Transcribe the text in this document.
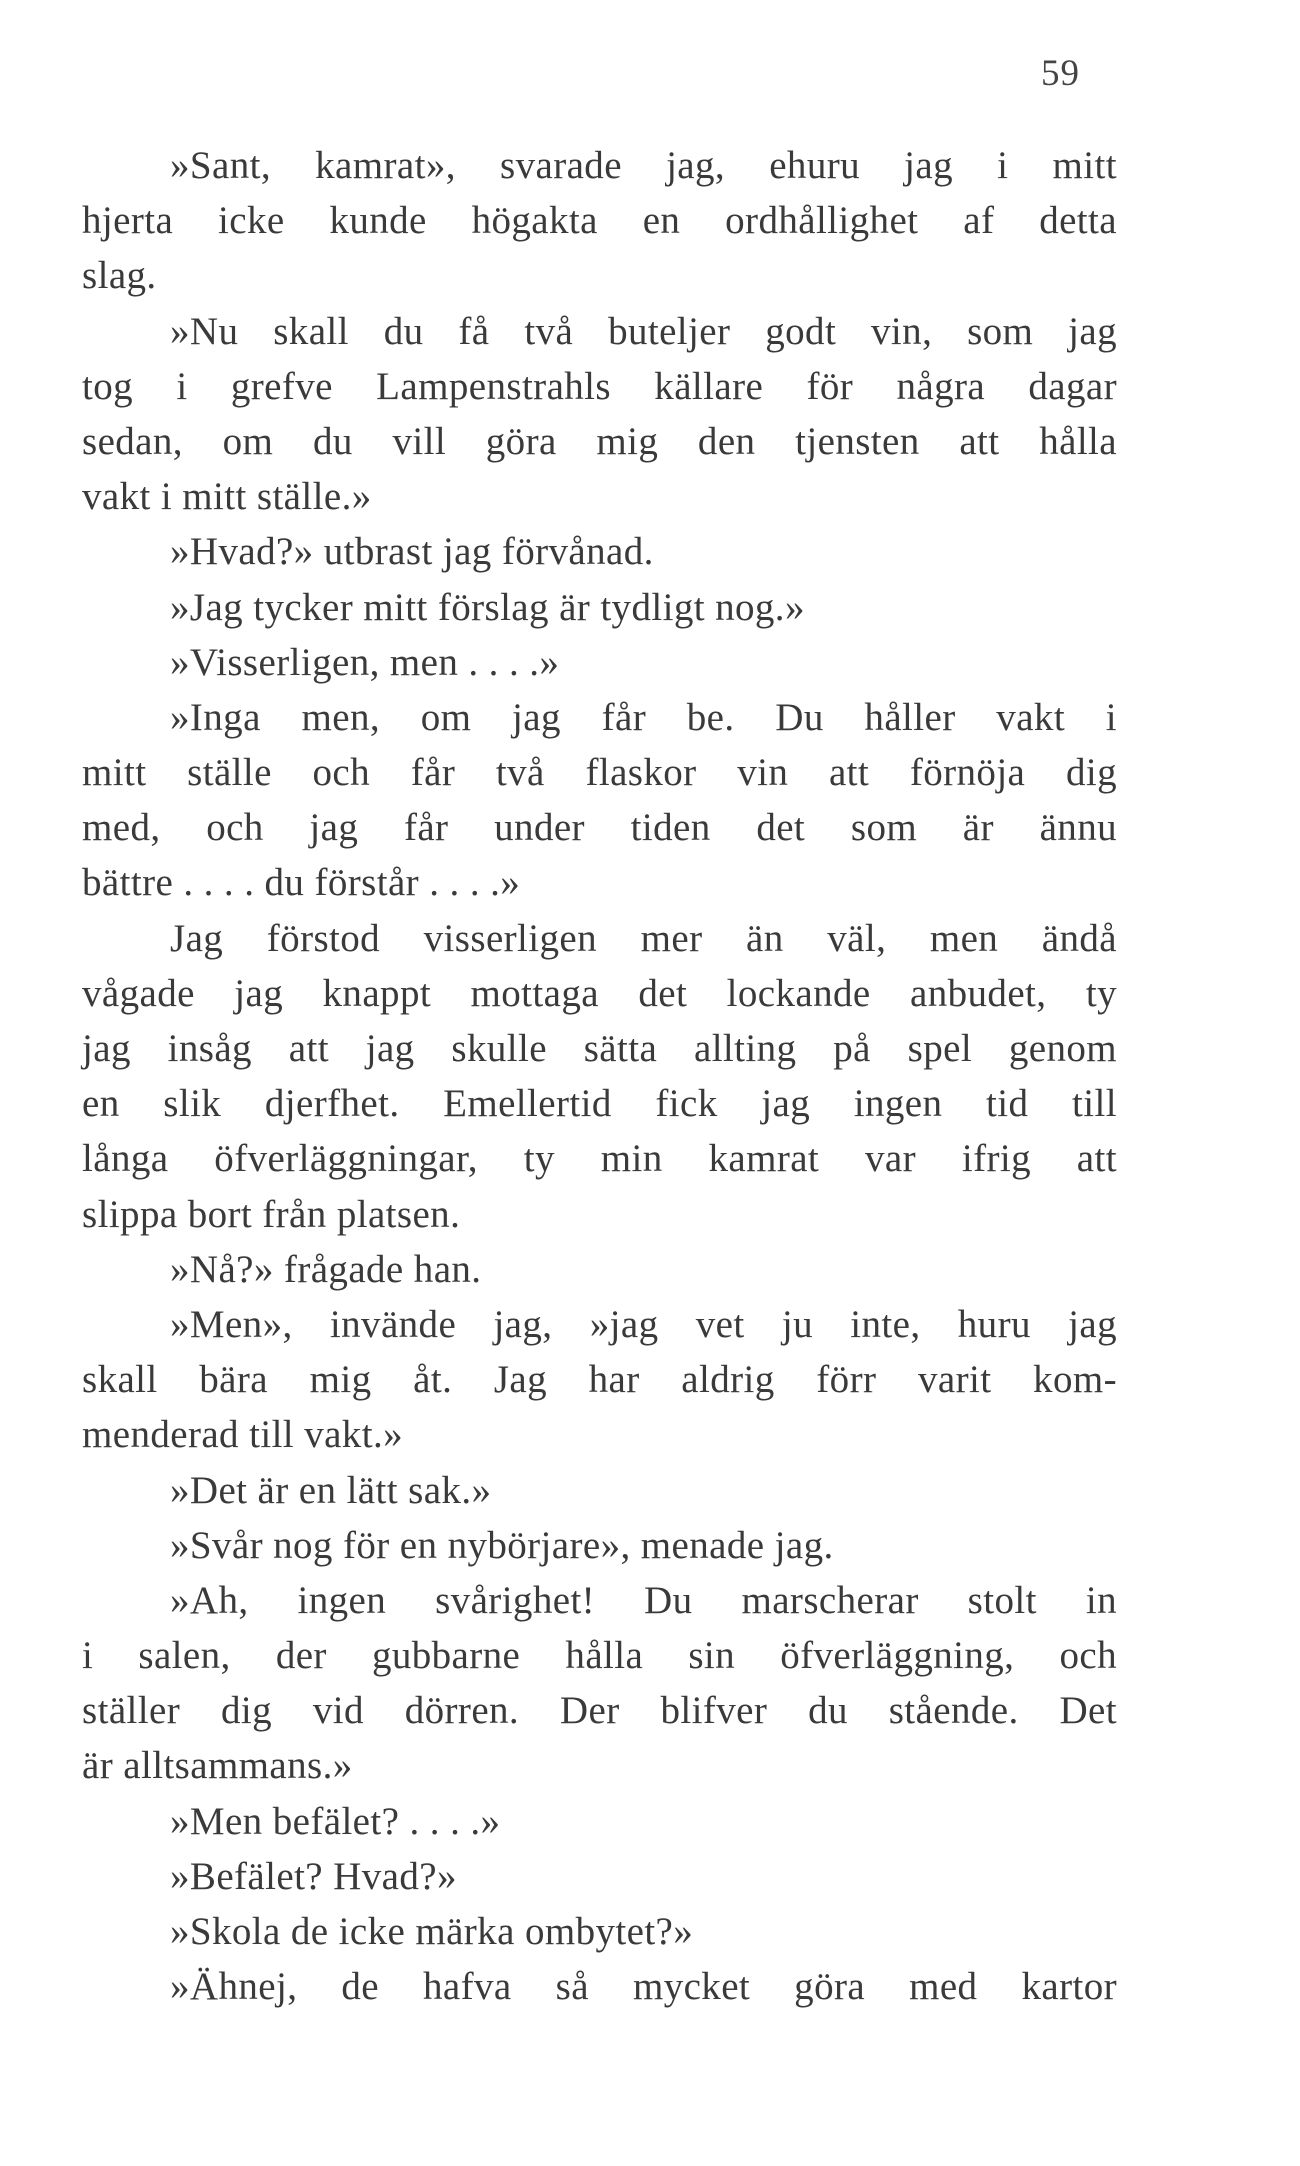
59
»Sant, kamrat», svarade jag, ehuru jag i mitt
hjerta icke kunde högakta en ordhållighet af detta
slag.
»Nu skall du få två buteljer godt vin, som jag
tog i grefve Lampenstrahls källare för några dagar
sedan, om du vill göra mig den tjensten att hålla
vakt i mitt ställe.»
»Hvad?» utbrast jag förvånad.
»Jag tycker mitt förslag är tydligt nog.»
»Visserligen, men . . . .»
»Inga men, om jag får be. Du håller vakt i
mitt ställe och får två flaskor vin att förnöja dig
med, och jag får under tiden det som är ännu
bättre . . . . du förstår . . . .»
Jag förstod visserligen mer än väl, men ändå
vågade jag knappt mottaga det lockande anbudet, ty
jag insåg att jag skulle sätta allting på spel genom
en slik djerfhet. Emellertid fick jag ingen tid till
långa öfverläggningar, ty min kamrat var ifrig att
slippa bort från platsen.
»Nå?» frågade han.
»Men», invände jag, »jag vet ju inte, huru jag
skall bära mig åt. Jag har aldrig förr varit kom-
menderad till vakt.»
»Det är en lätt sak.»
»Svår nog för en nybörjare», menade jag.
»Ah, ingen svårighet! Du marscherar stolt in
i salen, der gubbarne hålla sin öfverläggning, och
ställer dig vid dörren. Der blifver du stående. Det
är alltsammans.»
»Men befälet? . . . .»
»Befälet? Hvad?»
»Skola de icke märka ombytet?»
»Ähnej, de hafva så mycket göra med kartor
